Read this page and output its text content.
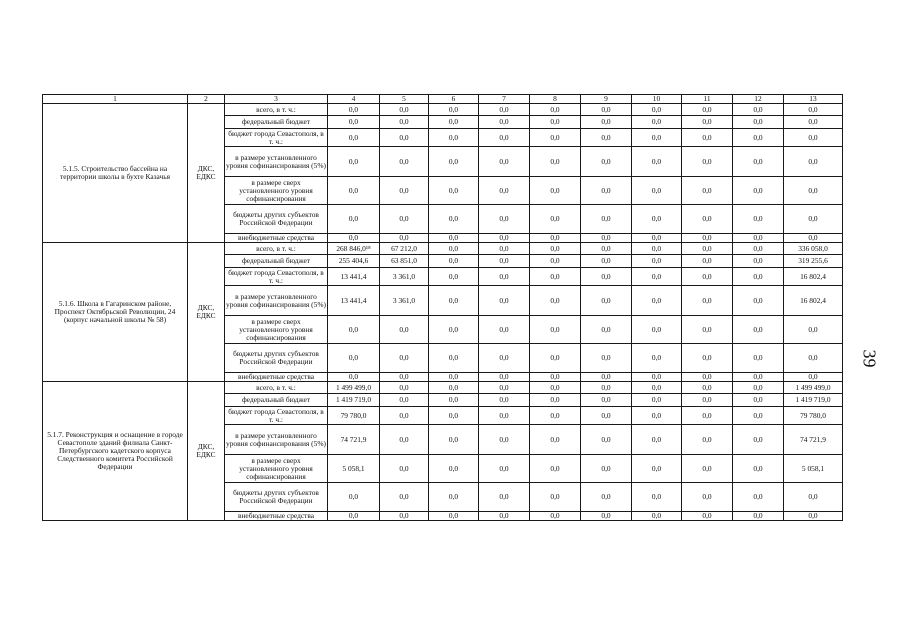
1	2	3	4	5	6	7	8	9	10	11	12	13
5.1.5. Строительство бассейна на территории школы в бухте Казачья	ДКС, ЕДКС	всего, в т. ч.:	0,0	0,0	0,0	0,0	0,0	0,0	0,0	0,0	0,0	0,0
		федеральный бюджет	0,0	0,0	0,0	0,0	0,0	0,0	0,0	0,0	0,0	0,0
		бюджет города Севастополя, в т. ч.:	0,0	0,0	0,0	0,0	0,0	0,0	0,0	0,0	0,0	0,0
		в размере установленного уровня софинансирования (5%)	0,0	0,0	0,0	0,0	0,0	0,0	0,0	0,0	0,0	0,0
		в размере сверх установленного уровня софинансирования	0,0	0,0	0,0	0,0	0,0	0,0	0,0	0,0	0,0	0,0
		бюджеты других субъектов Российской Федерации	0,0	0,0	0,0	0,0	0,0	0,0	0,0	0,0	0,0	0,0
		внебюджетные средства	0,0	0,0	0,0	0,0	0,0	0,0	0,0	0,0	0,0	0,0
5.1.6. Школа в Гагаринском районе, Проспект Октябрьской Революции, 24 (корпус начальной школы № 58)	ДКС, ЕДКС	всего, в т. ч.:	268 846,0¹⁸	67 212,0	0,0	0,0	0,0	0,0	0,0	0,0	0,0	336 058,0
		федеральный бюджет	255 404,6	63 851,0	0,0	0,0	0,0	0,0	0,0	0,0	0,0	319 255,6
		бюджет города Севастополя, в т. ч.:	13 441,4	3 361,0	0,0	0,0	0,0	0,0	0,0	0,0	0,0	16 802,4
		в размере установленного уровня софинансирования (5%)	13 441,4	3 361,0	0,0	0,0	0,0	0,0	0,0	0,0	0,0	16 802,4
		в размере сверх установленного уровня софинансирования	0,0	0,0	0,0	0,0	0,0	0,0	0,0	0,0	0,0	0,0
		бюджеты других субъектов Российской Федерации	0,0	0,0	0,0	0,0	0,0	0,0	0,0	0,0	0,0	0,0
		внебюджетные средства	0,0	0,0	0,0	0,0	0,0	0,0	0,0	0,0	0,0	0,0
5.1.7. Реконструкция и оснащение в городе Севастополе зданий филиала Санкт-Петербургского кадетского корпуса Следственного комитета Российской Федерации	ДКС, ЕДКС	всего, в т. ч.:	1 499 499,0	0,0	0,0	0,0	0,0	0,0	0,0	0,0	0,0	1 499 499,0
		федеральный бюджет	1 419 719,0	0,0	0,0	0,0	0,0	0,0	0,0	0,0	0,0	1 419 719,0
		бюджет города Севастополя, в т. ч.:	79 780,0	0,0	0,0	0,0	0,0	0,0	0,0	0,0	0,0	79 780,0
		в размере установленного уровня софинансирования (5%)	74 721,9	0,0	0,0	0,0	0,0	0,0	0,0	0,0	0,0	74 721,9
		в размере сверх установленного уровня софинансирования	5 058,1	0,0	0,0	0,0	0,0	0,0	0,0	0,0	0,0	5 058,1
		бюджеты других субъектов Российской Федерации	0,0	0,0	0,0	0,0	0,0	0,0	0,0	0,0	0,0	0,0
		внебюджетные средства	0,0	0,0	0,0	0,0	0,0	0,0	0,0	0,0	0,0	0,0
39
